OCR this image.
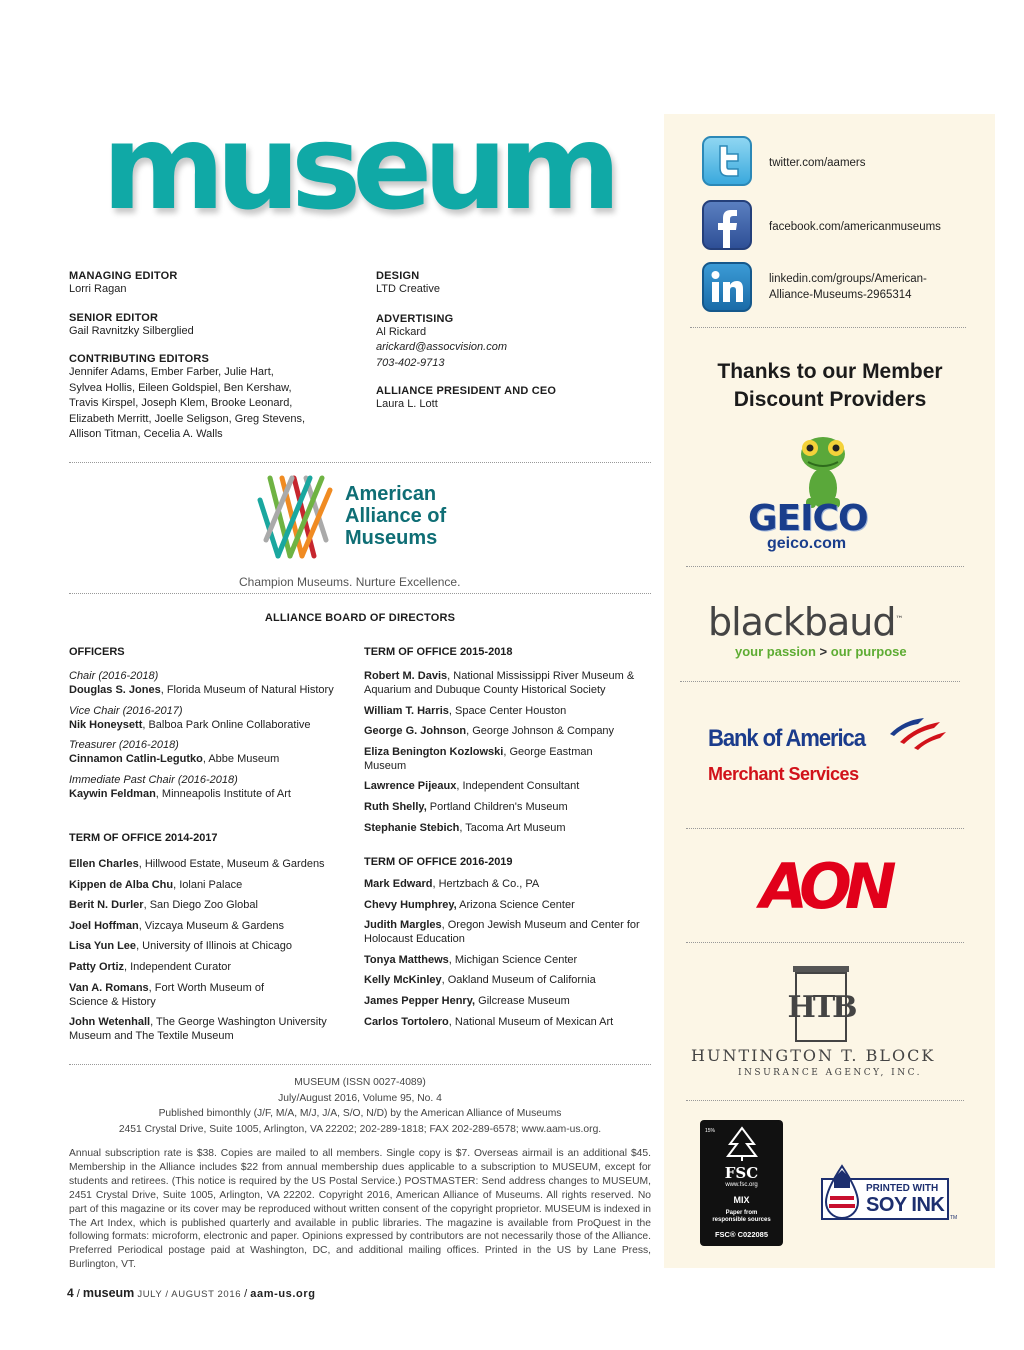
museum
MANAGING EDITOR
Lorri Ragan
SENIOR EDITOR
Gail Ravnitzky Silberglied
CONTRIBUTING EDITORS
Jennifer Adams, Ember Farber, Julie Hart,
Sylvea Hollis, Eileen Goldspiel, Ben Kershaw,
Travis Kirspel, Joseph Klem, Brooke Leonard,
Elizabeth Merritt, Joelle Seligson, Greg Stevens,
Allison Titman, Cecelia A. Walls
DESIGN
LTD Creative
ADVERTISING
Al Rickard
arickard@assocvision.com
703-402-9713
ALLIANCE PRESIDENT AND CEO
Laura L. Lott
American
Alliance of
Museums
Champion Museums. Nurture Excellence.
ALLIANCE BOARD OF DIRECTORS
OFFICERS
Chair (2016-2018)
Douglas S. Jones, Florida Museum of Natural History
Vice Chair (2016-2017)
Nik Honeysett, Balboa Park Online Collaborative
Treasurer (2016-2018)
Cinnamon Catlin-Legutko, Abbe Museum
Immediate Past Chair (2016-2018)
Kaywin Feldman, Minneapolis Institute of Art
TERM OF OFFICE 2014-2017
Ellen Charles, Hillwood Estate, Museum & Gardens
Kippen de Alba Chu, Iolani Palace
Berit N. Durler, San Diego Zoo Global
Joel Hoffman, Vizcaya Museum & Gardens
Lisa Yun Lee, University of Illinois at Chicago
Patty Ortiz, Independent Curator
Van A. Romans, Fort Worth Museum of Science & History
John Wetenhall, The George Washington University Museum and The Textile Museum
TERM OF OFFICE 2015-2018
Robert M. Davis, National Mississippi River Museum & Aquarium and Dubuque County Historical Society
William T. Harris, Space Center Houston
George G. Johnson, George Johnson & Company
Eliza Benington Kozlowski, George Eastman Museum
Lawrence Pijeaux, Independent Consultant
Ruth Shelly, Portland Children's Museum
Stephanie Stebich, Tacoma Art Museum
TERM OF OFFICE 2016-2019
Mark Edward, Hertzbach & Co., PA
Chevy Humphrey, Arizona Science Center
Judith Margles, Oregon Jewish Museum and Center for Holocaust Education
Tonya Matthews, Michigan Science Center
Kelly McKinley, Oakland Museum of California
James Pepper Henry, Gilcrease Museum
Carlos Tortolero, National Museum of Mexican Art
MUSEUM (ISSN 0027-4089)
July/August 2016, Volume 95, No. 4
Published bimonthly (J/F, M/A, M/J, J/A, S/O, N/D) by the American Alliance of Museums
2451 Crystal Drive, Suite 1005, Arlington, VA 22202; 202-289-1818; FAX 202-289-6578; www.aam-us.org.
Annual subscription rate is $38. Copies are mailed to all members. Single copy is $7. Overseas airmail is an additional $45. Membership in the Alliance includes $22 from annual membership dues applicable to a subscription to MUSEUM, except for students and retirees. (This notice is required by the US Postal Service.) POSTMASTER: Send address changes to MUSEUM, 2451 Crystal Drive, Suite 1005, Arlington, VA 22202. Copyright 2016, American Alliance of Museums. All rights reserved. No part of this magazine or its cover may be reproduced without written consent of the copyright proprietor. MUSEUM is indexed in The Art Index, which is published quarterly and available in public libraries. The magazine is available from ProQuest in the following formats: microform, electronic and paper. Opinions expressed by contributors are not necessarily those of the Alliance. Preferred Periodical postage paid at Washington, DC, and additional mailing offices. Printed in the US by Lane Press, Burlington, VT.
4 / museum JULY / AUGUST 2016 / aam-us.org
twitter.com/aamers
facebook.com/americanmuseums
linkedin.com/groups/American-
Alliance-Museums-2965314
Thanks to our Member
Discount Providers
GEICO
geico.com
blackbaud™
your passion > our purpose
Bank of America
Merchant Services
AON
HTB
HUNTINGTON T. BLOCK
INSURANCE AGENCY, INC.
15%
FSC
www.fsc.org
MIX
Paper from
responsible sources
FSC® C022085
PRINTED WITH
SOY INK
TM
